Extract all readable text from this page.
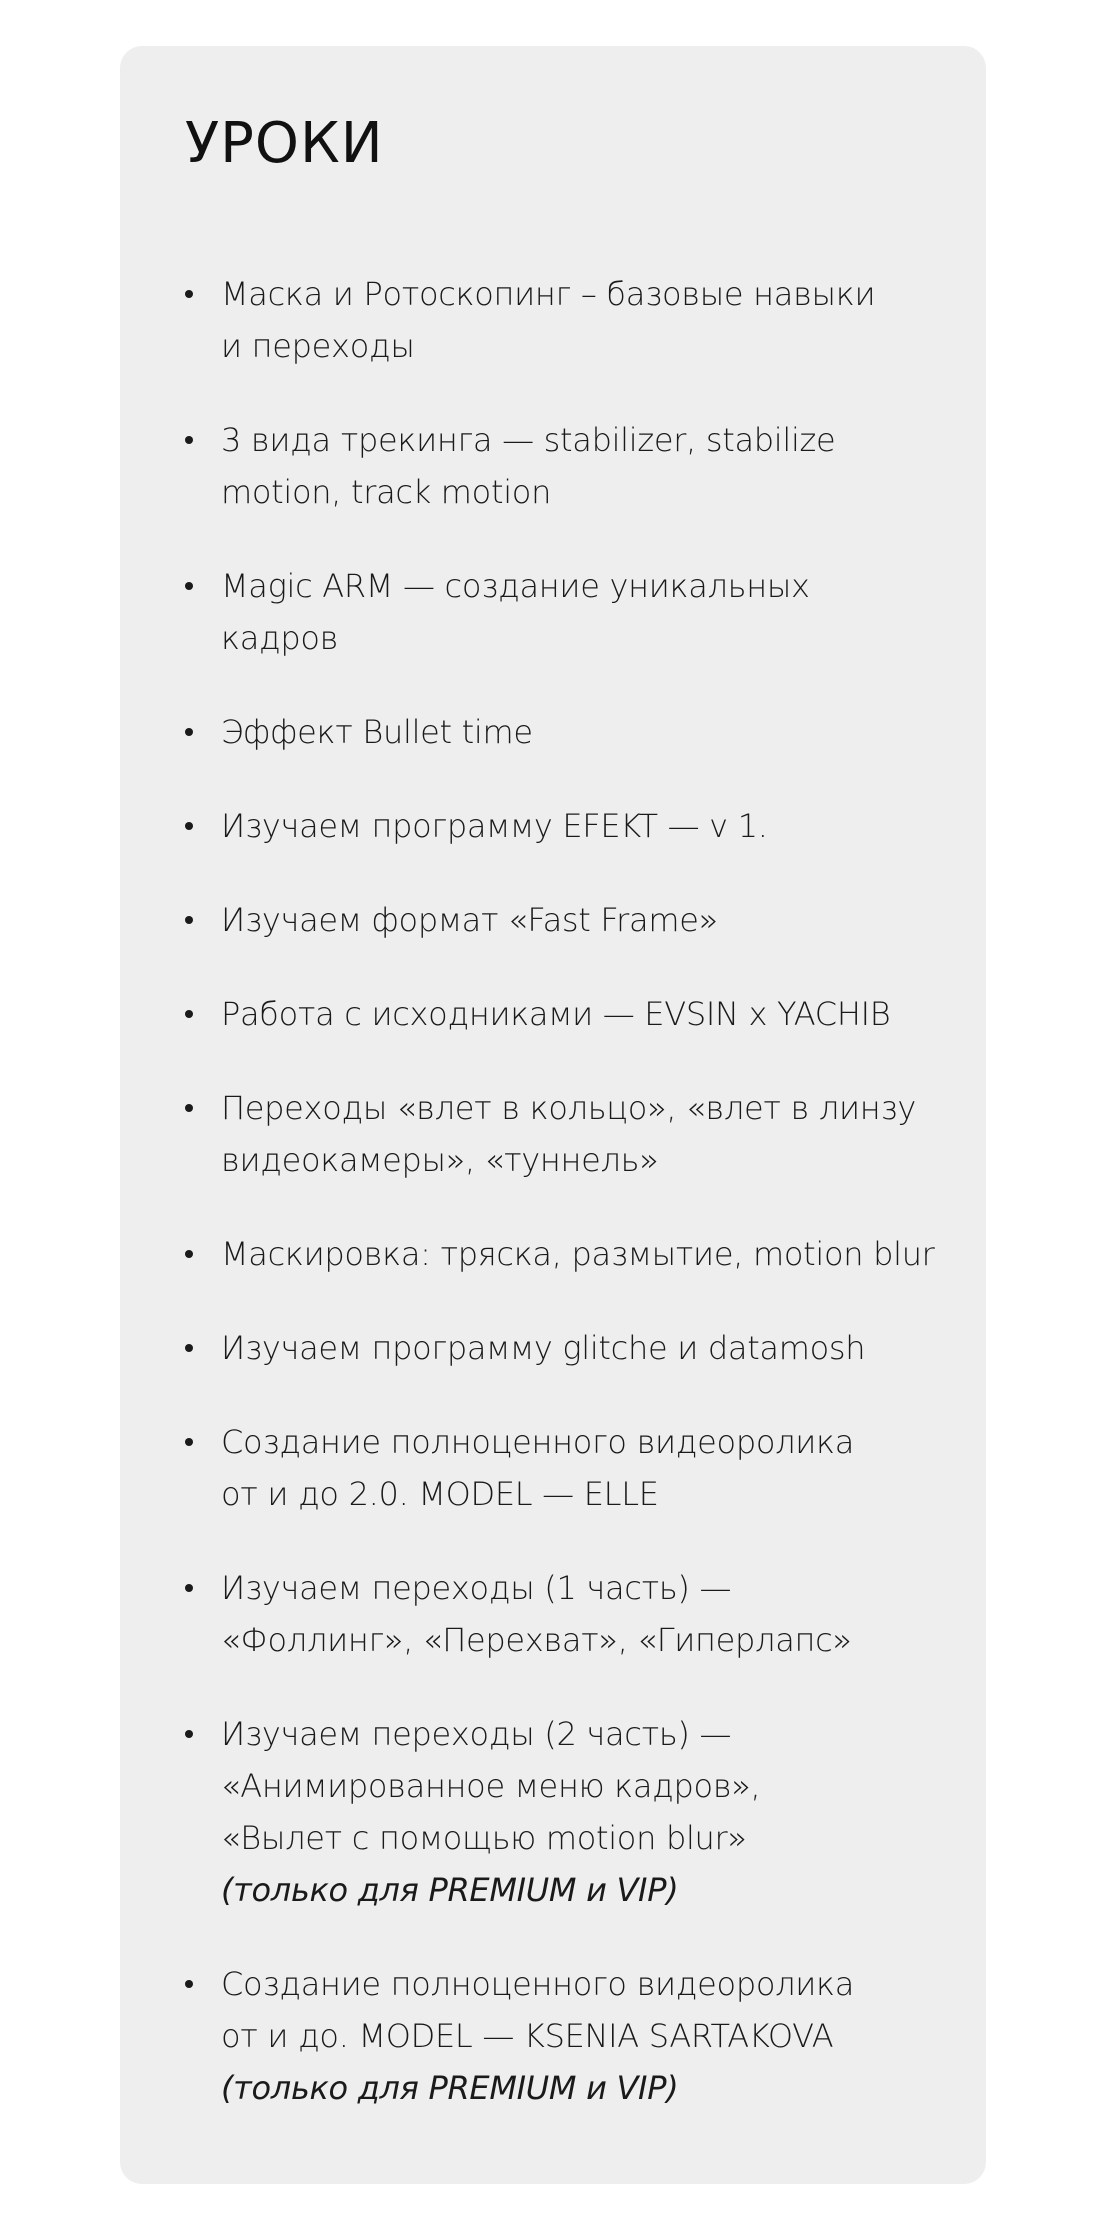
УРОКИ
Маска и Ротоскопинг – базовые навыки
и переходы
3 вида трекинга — stabilizer, stabilize
motion, track motion
Magic ARM — создание уникальных
кадров
Эффект Bullet time
Изучаем программу EFEKT — v 1.
Изучаем формат «Fast Frame»
Работа с исходниками — EVSIN x YACHIB
Переходы «влет в кольцо», «влет в линзу
видеокамеры», «туннель»
Маскировка: тряска, размытие, motion blur
Изучаем программу glitche и datamosh
Создание полноценного видеоролика
от и до 2.0. MODEL — ELLE
Изучаем переходы (1 часть) —
«Фоллинг», «Перехват», «Гиперлапс»
Изучаем переходы (2 часть) —
«Анимированное меню кадров»,
«Вылет с помощью motion blur»
(только для PREMIUM и VIP)
Создание полноценного видеоролика
от и до. MODEL — KSENIA SARTAKOVA
(только для PREMIUM и VIP)
